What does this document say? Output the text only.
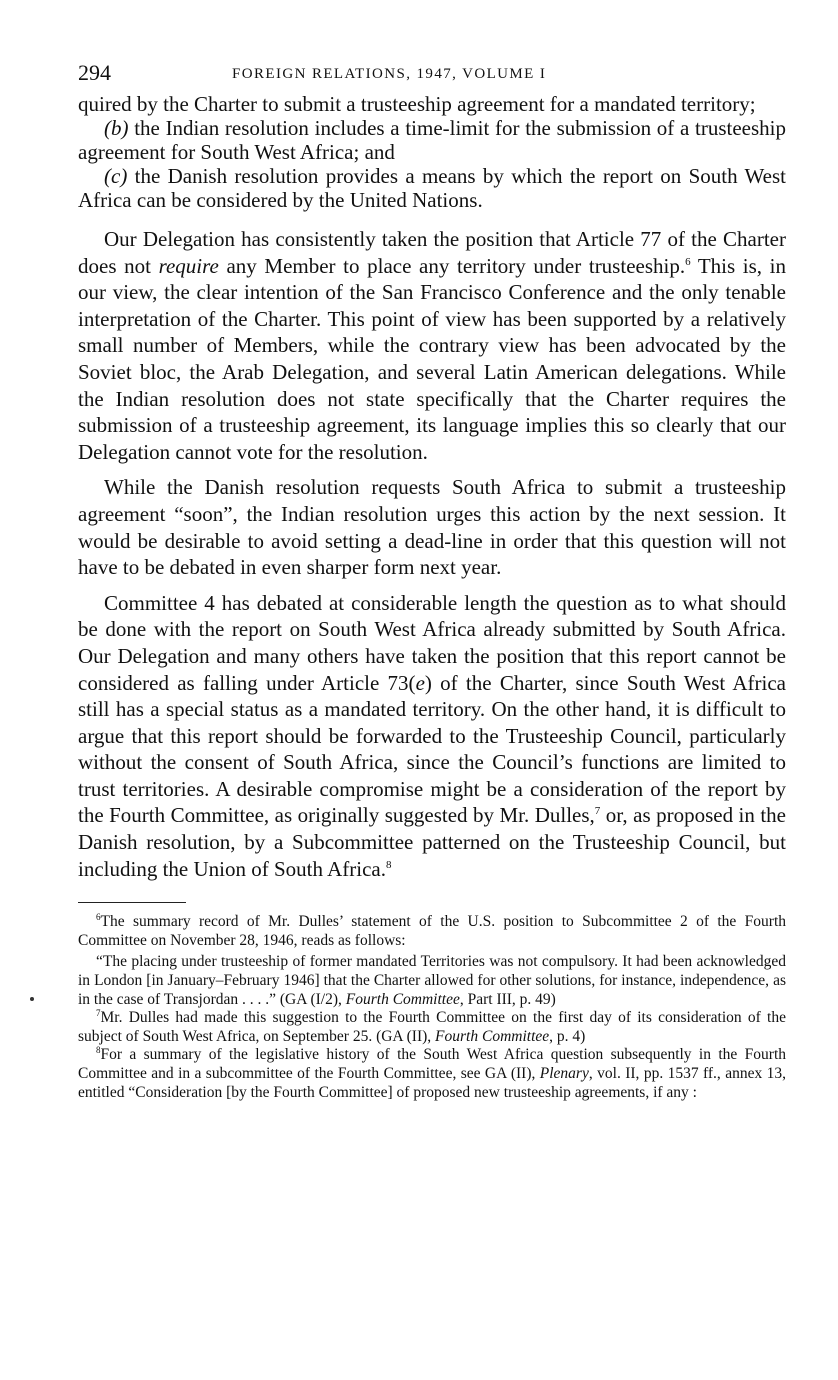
294	FOREIGN RELATIONS, 1947, VOLUME I

quired by the Charter to submit a trusteeship agreement for a mandated territory;

(b) the Indian resolution includes a time-limit for the submission of a trusteeship agreement for South West Africa; and

(c) the Danish resolution provides a means by which the report on South West Africa can be considered by the United Nations.

Our Delegation has consistently taken the position that Article 77 of the Charter does not require any Member to place any territory under trusteeship.$^6$ This is, in our view, the clear intention of the San Francisco Conference and the only tenable interpretation of the Charter. This point of view has been supported by a relatively small number of Members, while the contrary view has been advocated by the Soviet bloc, the Arab Delegation, and several Latin American delegations. While the Indian resolution does not state specifically that the Charter requires the submission of a trusteeship agreement, its language implies this so clearly that our Delegation cannot vote for the resolution.

While the Danish resolution requests South Africa to submit a trusteeship agreement “soon”, the Indian resolution urges this action by the next session. It would be desirable to avoid setting a dead-line in order that this question will not have to be debated in even sharper form next year.

Committee 4 has debated at considerable length the question as to what should be done with the report on South West Africa already submitted by South Africa. Our Delegation and many others have taken the position that this report cannot be considered as falling under Article 73(e) of the Charter, since South West Africa still has a special status as a mandated territory. On the other hand, it is difficult to argue that this report should be forwarded to the Trusteeship Council, particularly without the consent of South Africa, since the Council’s functions are limited to trust territories. A desirable compromise might be a consideration of the report by the Fourth Committee, as originally suggested by Mr. Dulles,$^7$ or, as proposed in the Danish resolution, by a Subcommittee patterned on the Trusteeship Council, but including the Union of South Africa.$^8$

$^6$The summary record of Mr. Dulles’ statement of the U.S. position to Subcommittee 2 of the Fourth Committee on November 28, 1946, reads as follows:

“The placing under trusteeship of former mandated Territories was not compulsory. It had been acknowledged in London [in January–February 1946] that the Charter allowed for other solutions, for instance, independence, as in the case of Transjordan . . . .” (GA (I/2), Fourth Committee, Part III, p. 49)

$^7$Mr. Dulles had made this suggestion to the Fourth Committee on the first day of its consideration of the subject of South West Africa, on September 25. (GA (II), Fourth Committee, p. 4)

$^8$For a summary of the legislative history of the South West Africa question subsequently in the Fourth Committee and in a subcommittee of the Fourth Committee, see GA (II), Plenary, vol. II, pp. 1537 ff., annex 13, entitled “Consideration [by the Fourth Committee] of proposed new trusteeship agreements, if any :
